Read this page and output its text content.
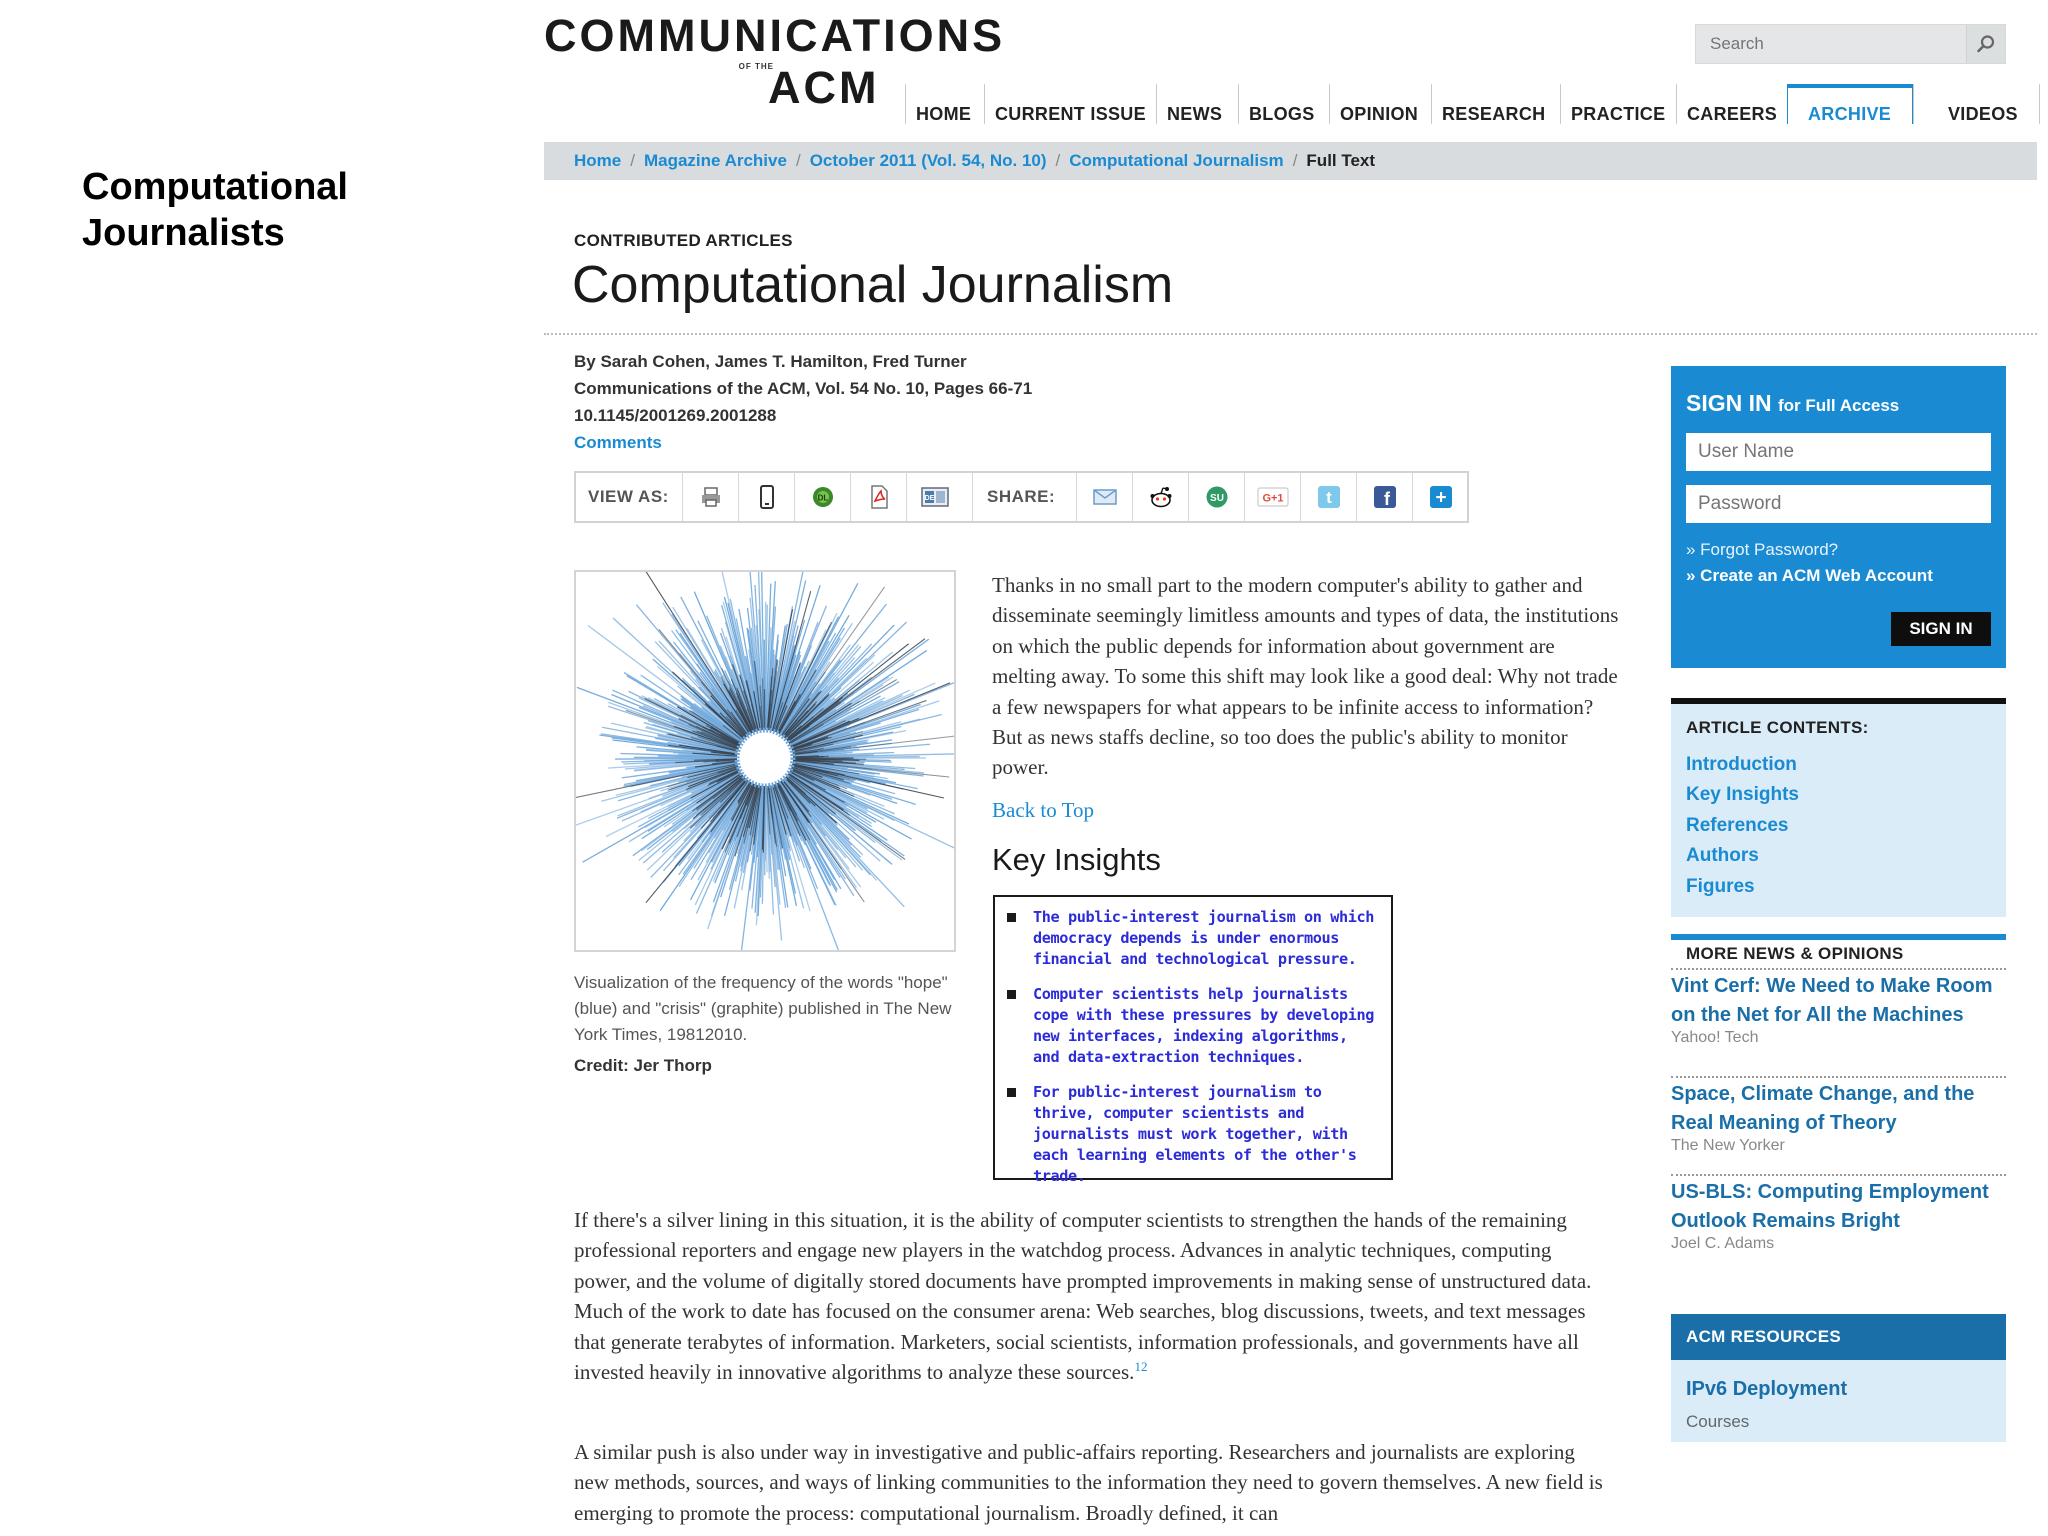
Computational Journalists
COMMUNICATIONS
OF THE
ACM
Search
HOME	CURRENT ISSUE	NEWS	BLOGS	OPINION	RESEARCH	PRACTICE	CAREERS	ARCHIVE	VIDEOS
Home / Magazine Archive / October 2011 (Vol. 54, No. 10) / Computational Journalism / Full Text
CONTRIBUTED ARTICLES
Computational Journalism
By Sarah Cohen, James T. Hamilton, Fred Turner
Communications of the ACM, Vol. 54 No. 10, Pages 66-71
10.1145/2001269.2001288
Comments
VIEW AS:	DL	DE	SHARE:	SU	G+1	t	f +
Visualization of the frequency of the words "hope" (blue) and "crisis" (graphite) published in The New York Times, 19812010.
Credit: Jer Thorp
Thanks in no small part to the modern computer's ability to gather and disseminate seemingly limitless amounts and types of data, the institutions on which the public depends for information about government are melting away. To some this shift may look like a good deal: Why not trade a few newspapers for what appears to be infinite access to information? But as news staffs decline, so too does the public's ability to monitor power.
Back to Top
Key Insights
The public-interest journalism on which democracy depends is under enormous financial and technological pressure.
Computer scientists help journalists cope with these pressures by developing new interfaces, indexing algorithms, and data-extraction techniques.
For public-interest journalism to thrive, computer scientists and journalists must work together, with each learning elements of the other's trade.
If there's a silver lining in this situation, it is the ability of computer scientists to strengthen the hands of the remaining professional reporters and engage new players in the watchdog process. Advances in analytic techniques, computing power, and the volume of digitally stored documents have prompted improvements in making sense of unstructured data. Much of the work to date has focused on the consumer arena: Web searches, blog discussions, tweets, and text messages that generate terabytes of information. Marketers, social scientists, information professionals, and governments have all invested heavily in innovative algorithms to analyze these sources.$^{12}$
A similar push is also under way in investigative and public-affairs reporting. Researchers and journalists are exploring new methods, sources, and ways of linking communities to the information they need to govern themselves. A new field is emerging to promote the process: computational journalism. Broadly defined, it can
SIGN IN for Full Access
User Name
» Forgot Password?
» Create an ACM Web Account
SIGN IN
ARTICLE CONTENTS:
Introduction
Key Insights
References
Authors
Figures
MORE NEWS & OPINIONS
Vint Cerf: We Need to Make Room on the Net for All the Machines
Yahoo! Tech
Space, Climate Change, and the Real Meaning of Theory
The New Yorker
US-BLS: Computing Employment Outlook Remains Bright
Joel C. Adams
ACM RESOURCES
IPv6 Deployment
Courses
